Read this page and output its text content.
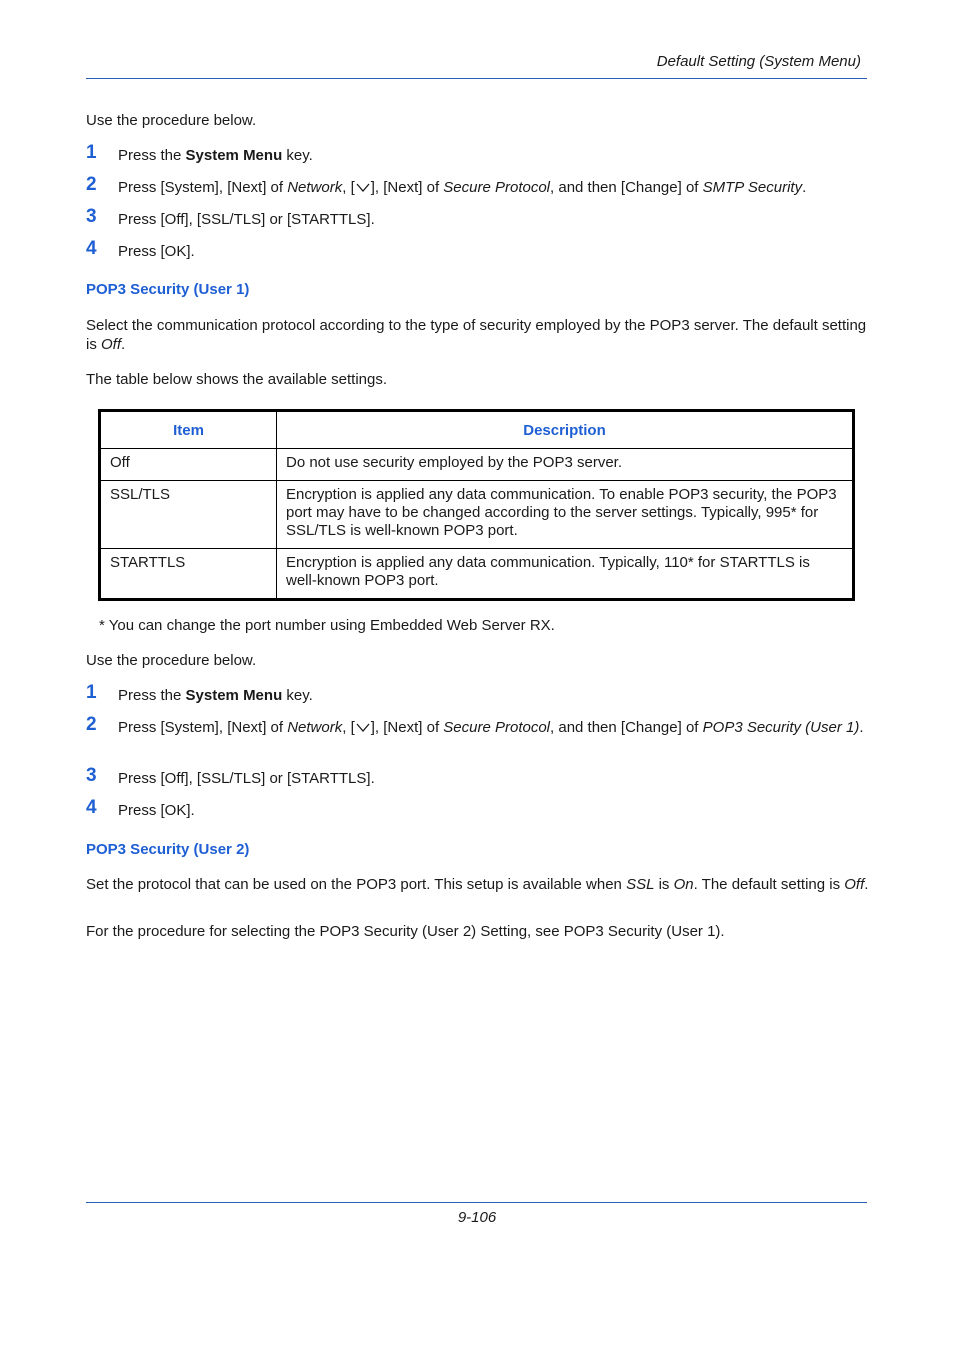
Default Setting (System Menu)
Use the procedure below.
1 Press the System Menu key.
2 Press [System], [Next] of Network, [ ], [Next] of Secure Protocol, and then [Change] of SMTP Security.
3 Press [Off], [SSL/TLS] or [STARTTLS].
4 Press [OK].
POP3 Security (User 1)
Select the communication protocol according to the type of security employed by the POP3 server. The default setting is Off.
The table below shows the available settings.
Item	Description
Off	Do not use security employed by the POP3 server.
SSL/TLS	Encryption is applied any data communication. To enable POP3 security, the POP3 port may have to be changed according to the server settings. Typically, 995* for SSL/TLS is well-known POP3 port.
STARTTLS	Encryption is applied any data communication. Typically, 110* for STARTTLS is well-known POP3 port.
* You can change the port number using Embedded Web Server RX.
Use the procedure below.
1 Press the System Menu key.
2 Press [System], [Next] of Network, [ ], [Next] of Secure Protocol, and then [Change] of POP3 Security (User 1).
3 Press [Off], [SSL/TLS] or [STARTTLS].
4 Press [OK].
POP3 Security (User 2)
Set the protocol that can be used on the POP3 port. This setup is available when SSL is On. The default setting is Off.
For the procedure for selecting the POP3 Security (User 2) Setting, see POP3 Security (User 1).
9-106
